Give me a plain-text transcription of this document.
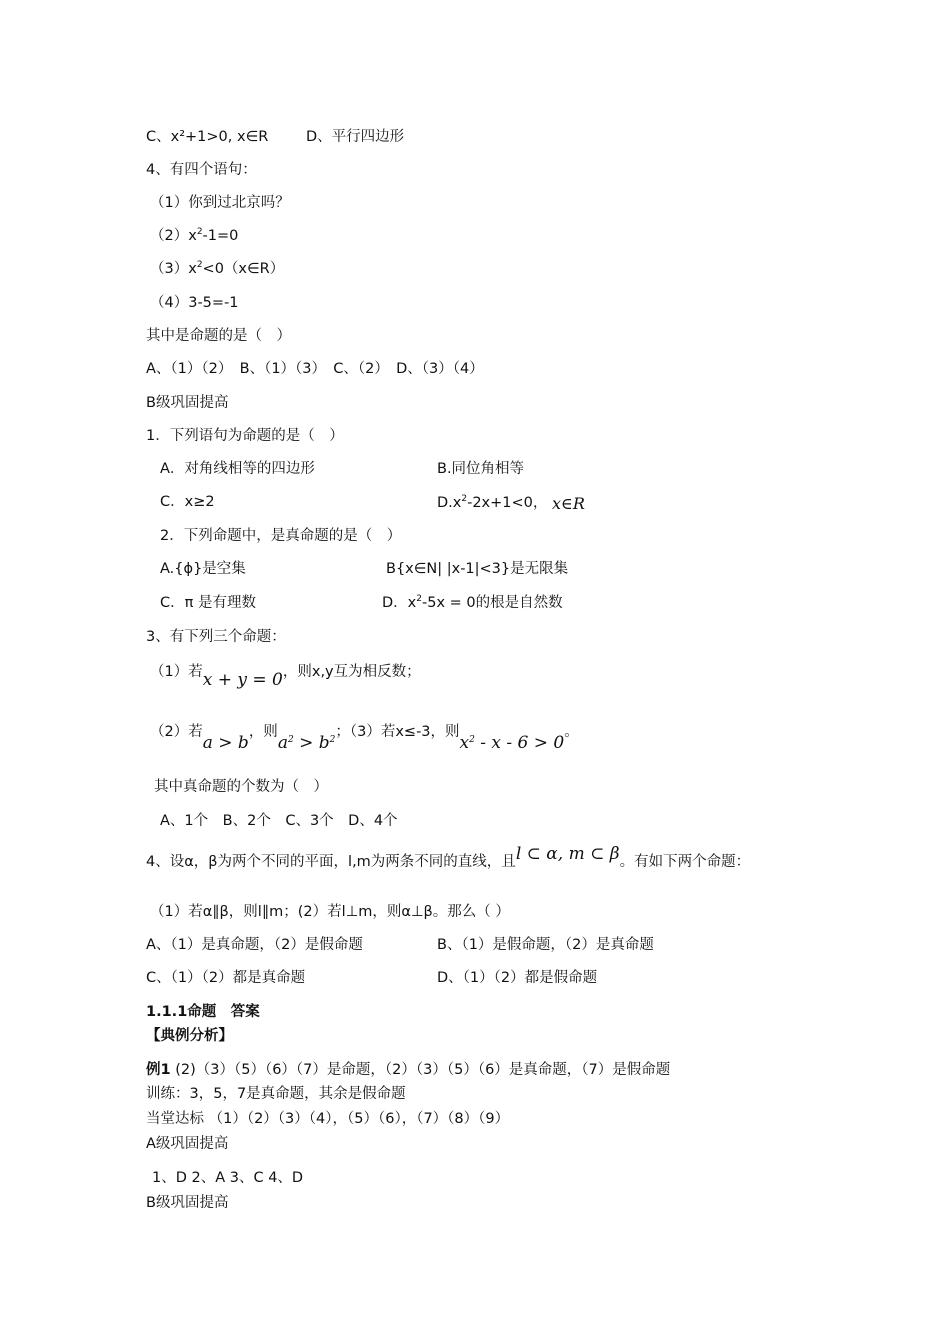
C、x²+1>0, x∈R	D、平行四边形
4、有四个语句：
（1）你到过北京吗？
$(2)x^2-1=0$
$(3)x^2<0(x\in R)$
（4）3-5=-1
其中是命题的是（　）
A、（1）（2）　B、（1）（3）　C、（2）　D、（3）（4）
B级巩固提高
1．下列语句为命题的是（　）
A．对角线相等的四边形	B.同位角相等
C．x≥2	$D.x^2-2x+1<0$， x∈R
2．下列命题中，是真命题的是（　）
A.{ϕ}是空集	B{x∈N| |x-1|<3}是无限集
C．π 是有理数	D．$x^2-5x = 0$的根是自然数
3、有下列三个命题：
（1）若x + y = 0，则x,y互为相反数；
（2）若a > b，则$a^2 > b^2$；（3）若x≤-3，则$x^2 - x - 6 > 0$。
其中真命题的个数为（　）
A、1个　B、2个　C、3个　D、4个
4、设α，β为两个不同的平面，l,m为两条不同的直线，且l ⊂ α, m ⊂ β。有如下两个命题：
（1）若α∥β，则l∥m；(2）若l⊥m，则α⊥β。那么（ ）
A、（1）是真命题，（2）是假命题	B、（1）是假命题，（2）是真命题
C、（1）（2）都是真命题	D、（1）（2）都是假命题
1.1.1命题　答案
【典例分析】
例1 (2)（3）（5）（6）（7）是命题，（2）（3）（5）（6）是真命题，（7）是假命题
训练：3，5，7是真命题，其余是假命题
当堂达标 （1）（2）（3）（4），（5）（6），（7）（8）（9）
A级巩固提高
1、D 2、A 3、C 4、D
B级巩固提高
